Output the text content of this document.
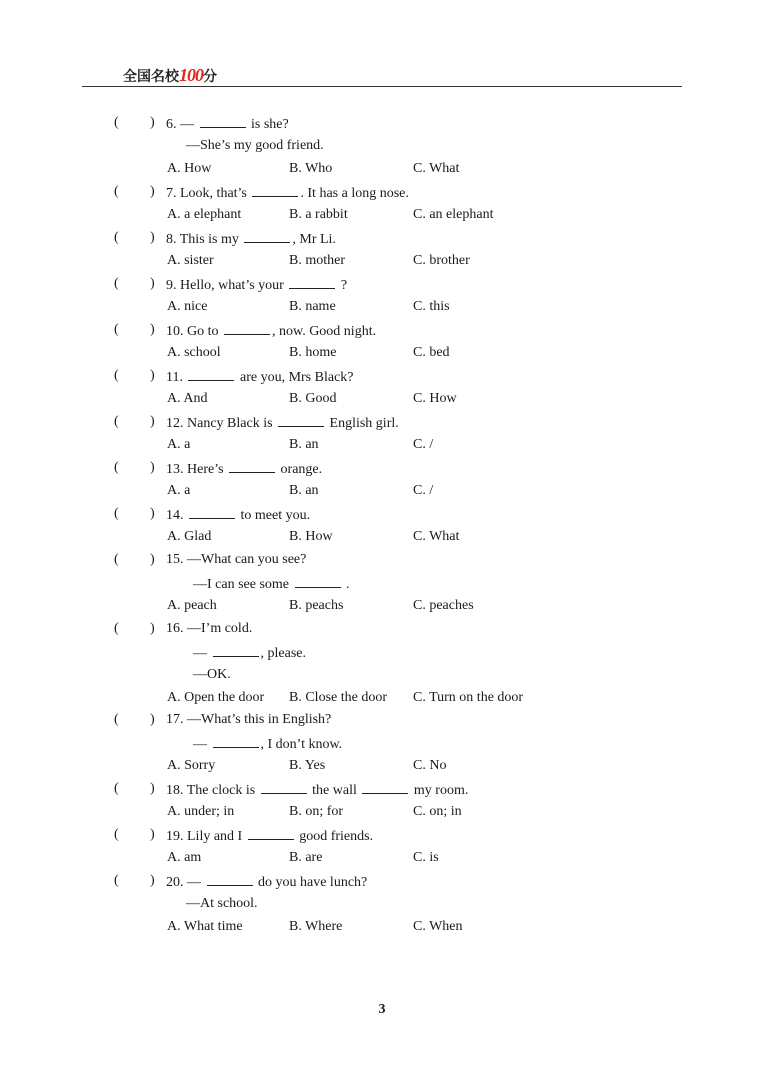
全国名校100分
( ) 6. —	is she?
—She’s my good friend.
A. How	B. Who	C. What
( ) 7. Look, that’s	. It has a long nose.
A. a elephant	B. a rabbit	C. an elephant
( ) 8. This is my	, Mr Li.
A. sister	B. mother	C. brother
( ) 9. Hello, what’s your	?
A. nice	B. name	C. this
( ) 10. Go to	, now. Good night.
A. school	B. home	C. bed
( ) 11.	are you, Mrs Black?
A. And	B. Good	C. How
( ) 12. Nancy Black is	English girl.
A. a	B. an	C. /
( ) 13. Here’s	orange.
A. a	B. an	C. /
( ) 14.	to meet you.
A. Glad	B. How	C. What
( ) 15. —What can you see?
—I can see some	.
A. peach	B. peachs	C. peaches
( ) 16. —I’m cold.
—	, please.
—OK.
A. Open the door B. Close the door C. Turn on the door
( ) 17. —What’s this in English?
—	, I don’t know.
A. Sorry	B. Yes	C. No
( ) 18. The clock is	the wall	my room.
A. under; in	B. on; for	C. on; in
( ) 19. Lily and I	good friends.
A. am	B. are	C. is
( ) 20. —	do you have lunch?
—At school.
A. What time	B. Where	C. When
3
